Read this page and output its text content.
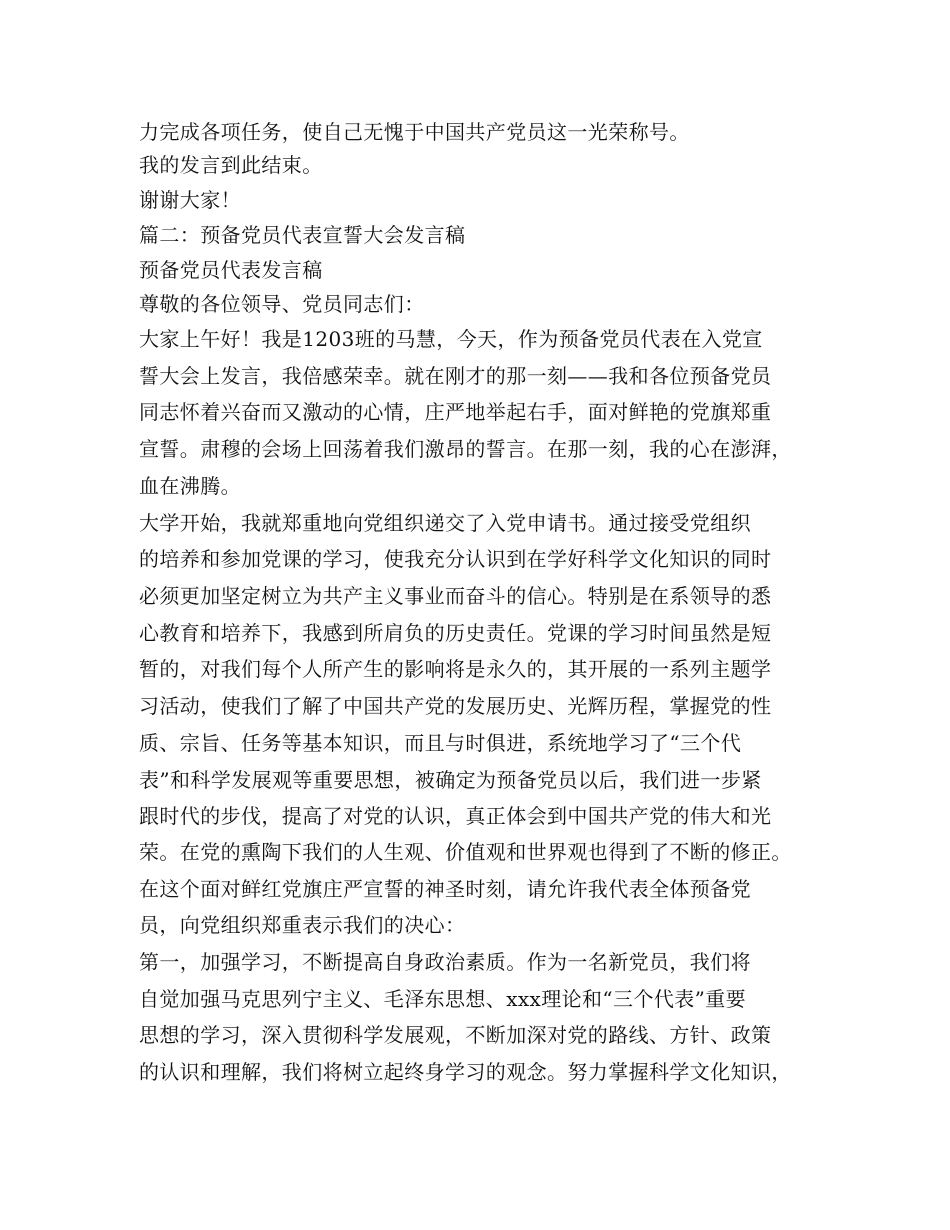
力完成各项任务，使自己无愧于中国共产党员这一光荣称号。
我的发言到此结束。
谢谢大家！
篇二：预备党员代表宣誓大会发言稿
预备党员代表发言稿
尊敬的各位领导、党员同志们：
大家上午好！我是1203班的马慧，今天，作为预备党员代表在入党宣
誓大会上发言，我倍感荣幸。就在刚才的那一刻——我和各位预备党员
同志怀着兴奋而又激动的心情，庄严地举起右手，面对鲜艳的党旗郑重
宣誓。肃穆的会场上回荡着我们激昂的誓言。在那一刻，我的心在澎湃，
血在沸腾。
大学开始，我就郑重地向党组织递交了入党申请书。通过接受党组织
的培养和参加党课的学习，使我充分认识到在学好科学文化知识的同时
必须更加坚定树立为共产主义事业而奋斗的信心。特别是在系领导的悉
心教育和培养下，我感到所肩负的历史责任。党课的学习时间虽然是短
暂的，对我们每个人所产生的影响将是永久的，其开展的一系列主题学
习活动，使我们了解了中国共产党的发展历史、光辉历程，掌握党的性
质、宗旨、任务等基本知识，而且与时俱进，系统地学习了“三个代
表”和科学发展观等重要思想，被确定为预备党员以后，我们进一步紧
跟时代的步伐，提高了对党的认识，真正体会到中国共产党的伟大和光
荣。在党的熏陶下我们的人生观、价值观和世界观也得到了不断的修正。
在这个面对鲜红党旗庄严宣誓的神圣时刻，请允许我代表全体预备党
员，向党组织郑重表示我们的决心：
第一，加强学习，不断提高自身政治素质。作为一名新党员，我们将
自觉加强马克思列宁主义、毛泽东思想、xxx理论和“三个代表”重要
思想的学习，深入贯彻科学发展观，不断加深对党的路线、方针、政策
的认识和理解，我们将树立起终身学习的观念。努力掌握科学文化知识，
